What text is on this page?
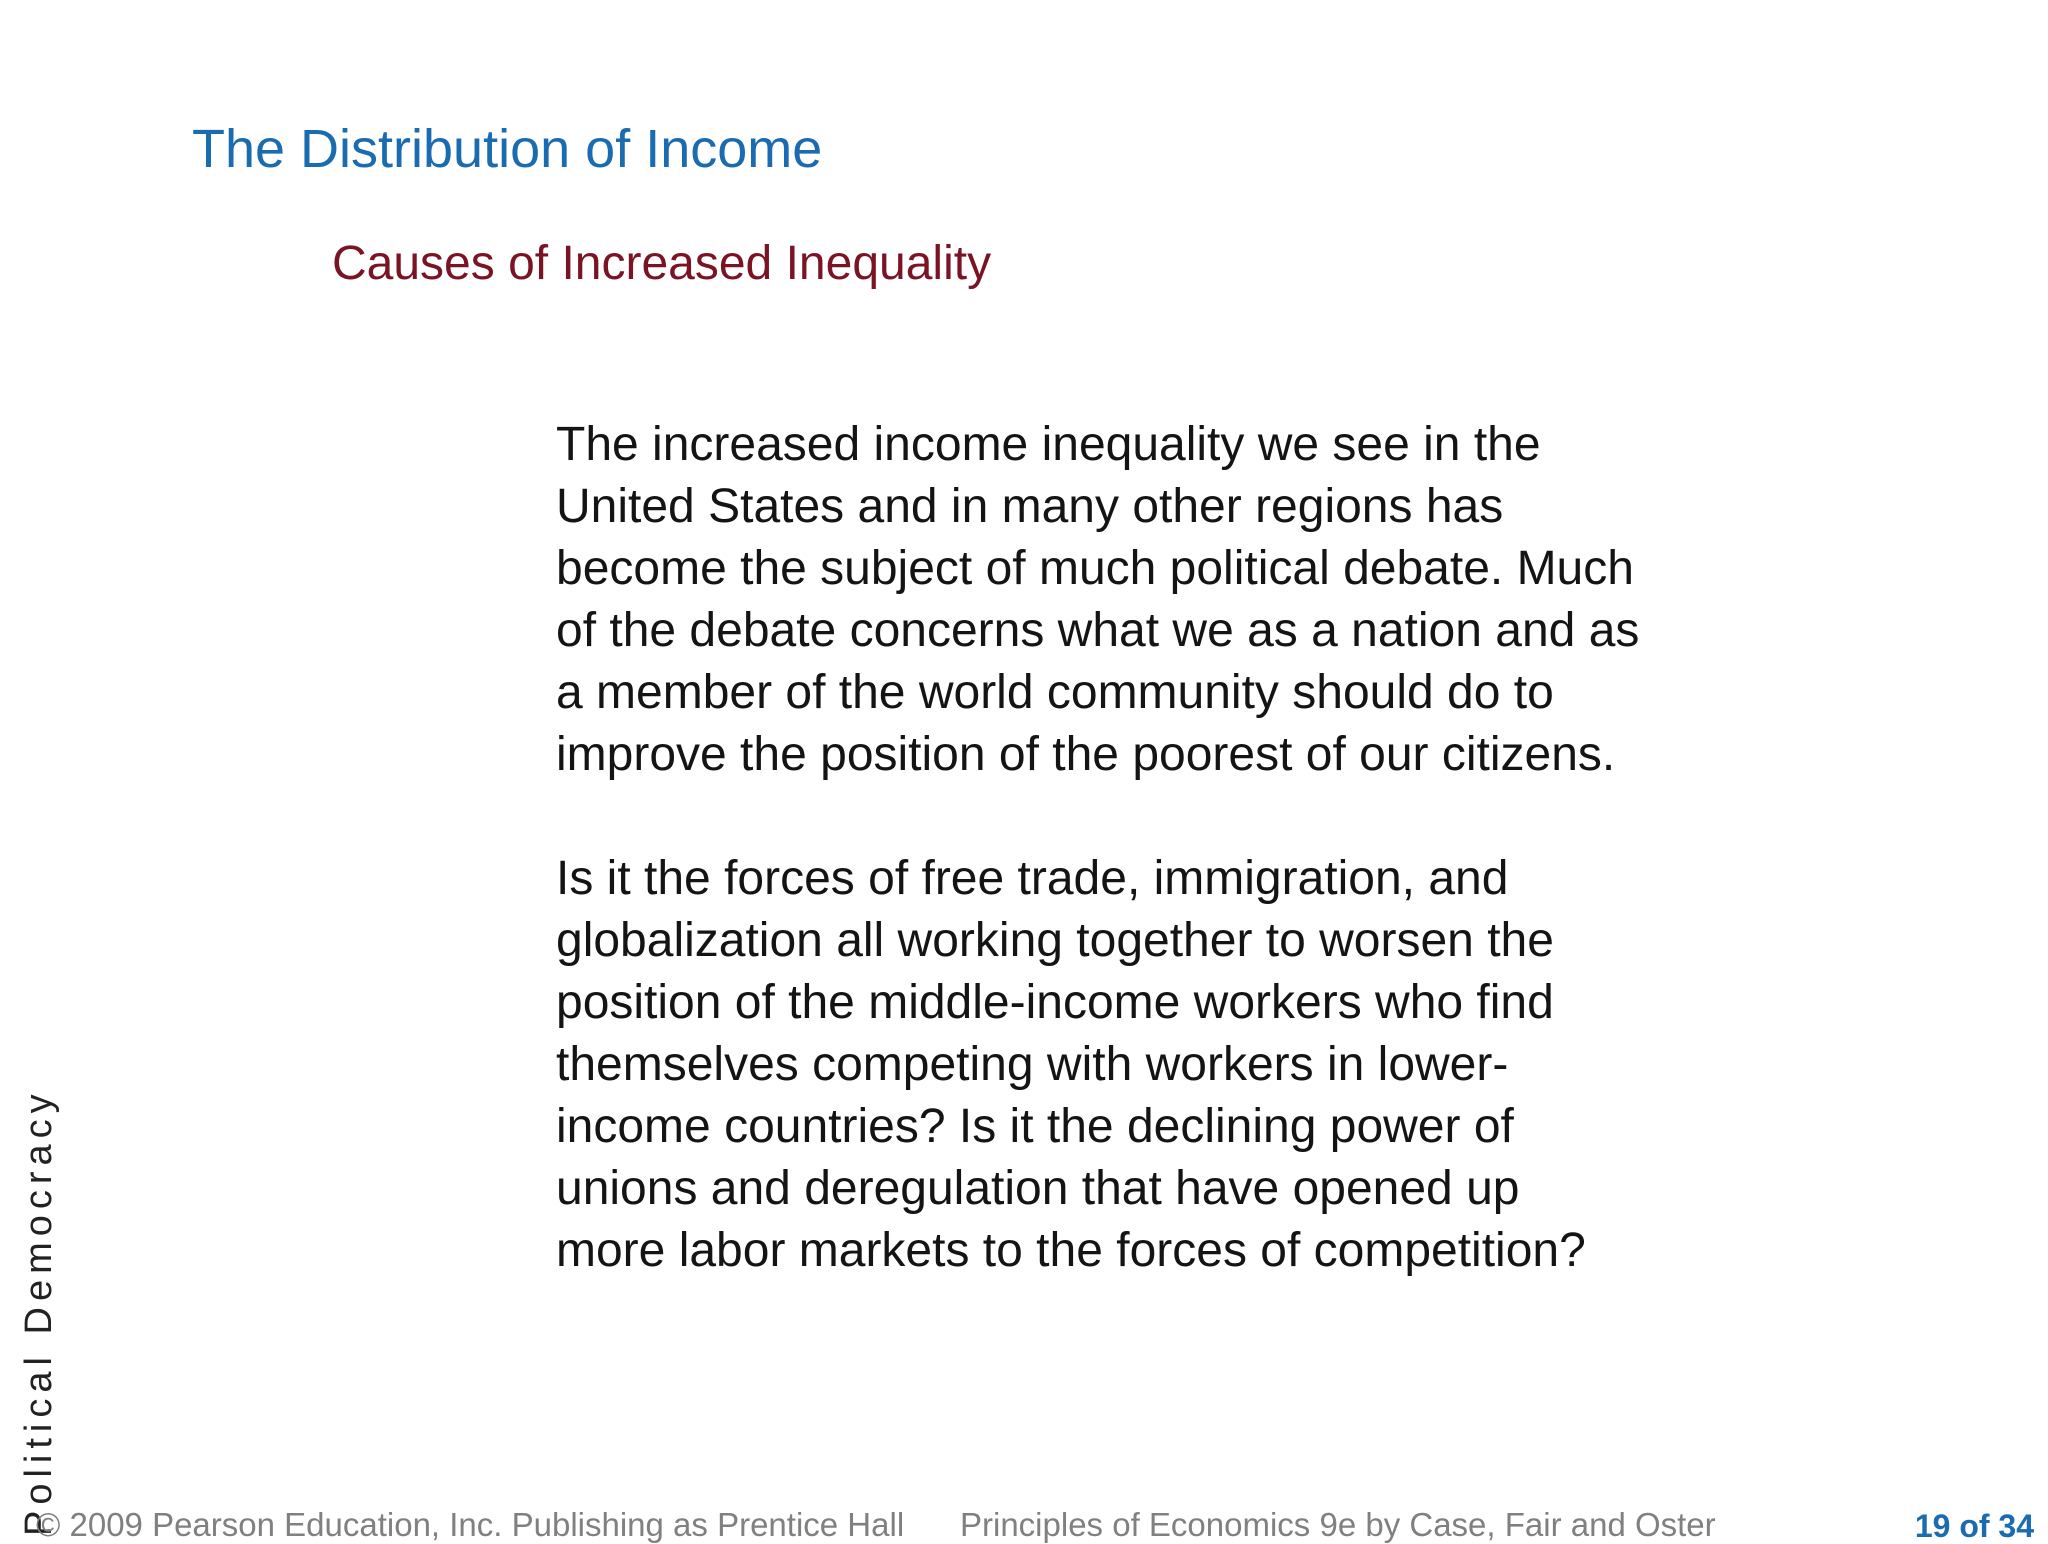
The Distribution of Income
Causes of Increased Inequality

The increased income inequality we see in the
United States and in many other regions has
become the subject of much political debate. Much
of the debate concerns what we as a nation and as
a member of the world community should do to
improve the position of the poorest of our citizens.

Is it the forces of free trade, immigration, and
globalization all working together to worsen the
position of the middle-income workers who find
themselves competing with workers in lower-
income countries? Is it the declining power of
unions and deregulation that have opened up
more labor markets to the forces of competition?

Political Democracy
© 2009 Pearson Education, Inc. Publishing as Prentice Hall Principles of Economics 9e by Case, Fair and Oster	19 of 34
